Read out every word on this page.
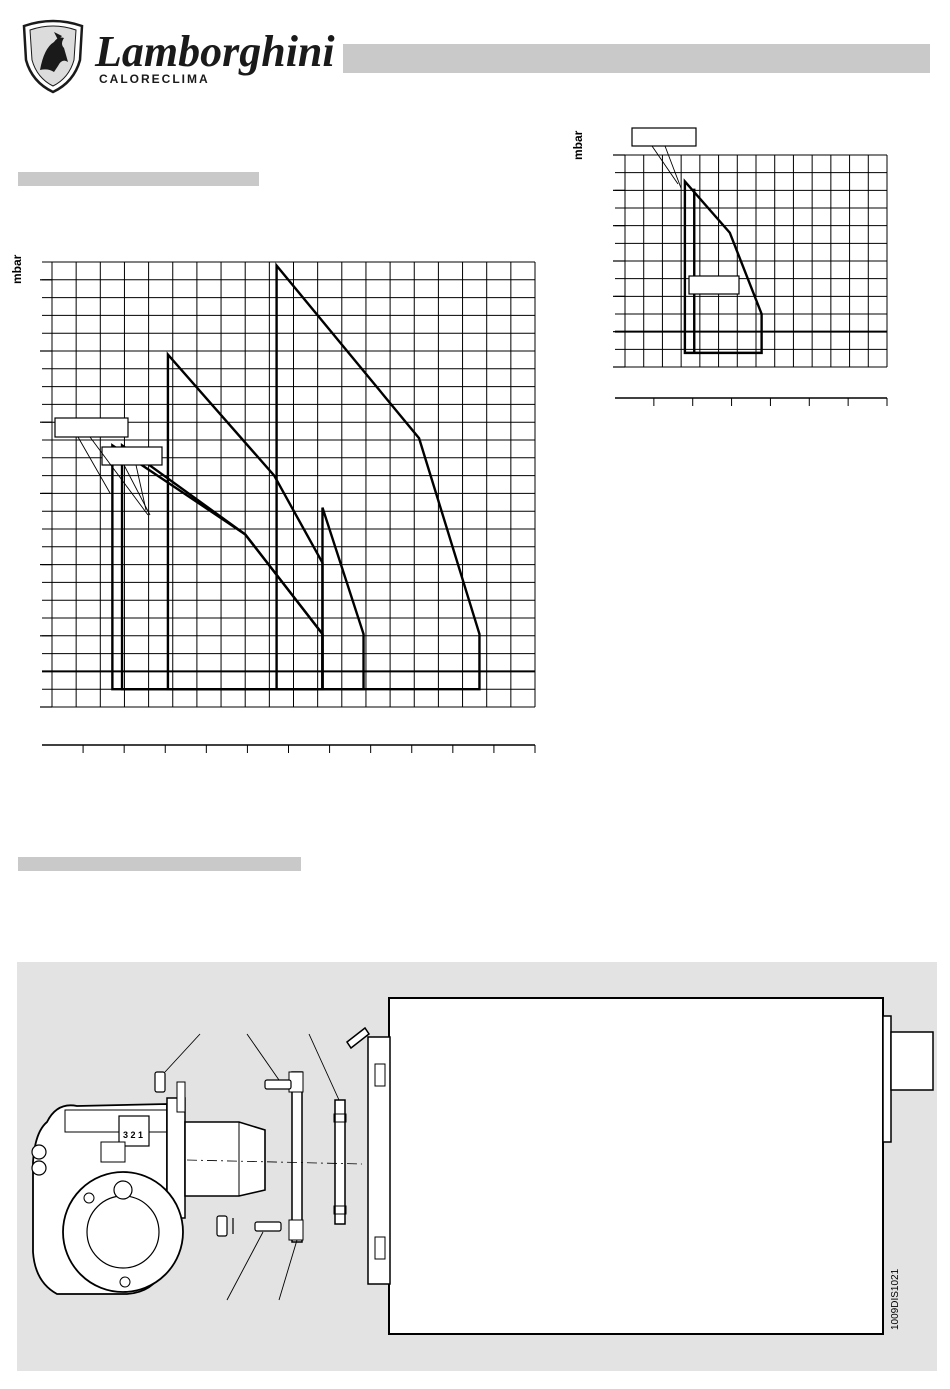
Lamborghini
CALORECLIMA
mbar
mbar
3 2 1
1009DIS1021
